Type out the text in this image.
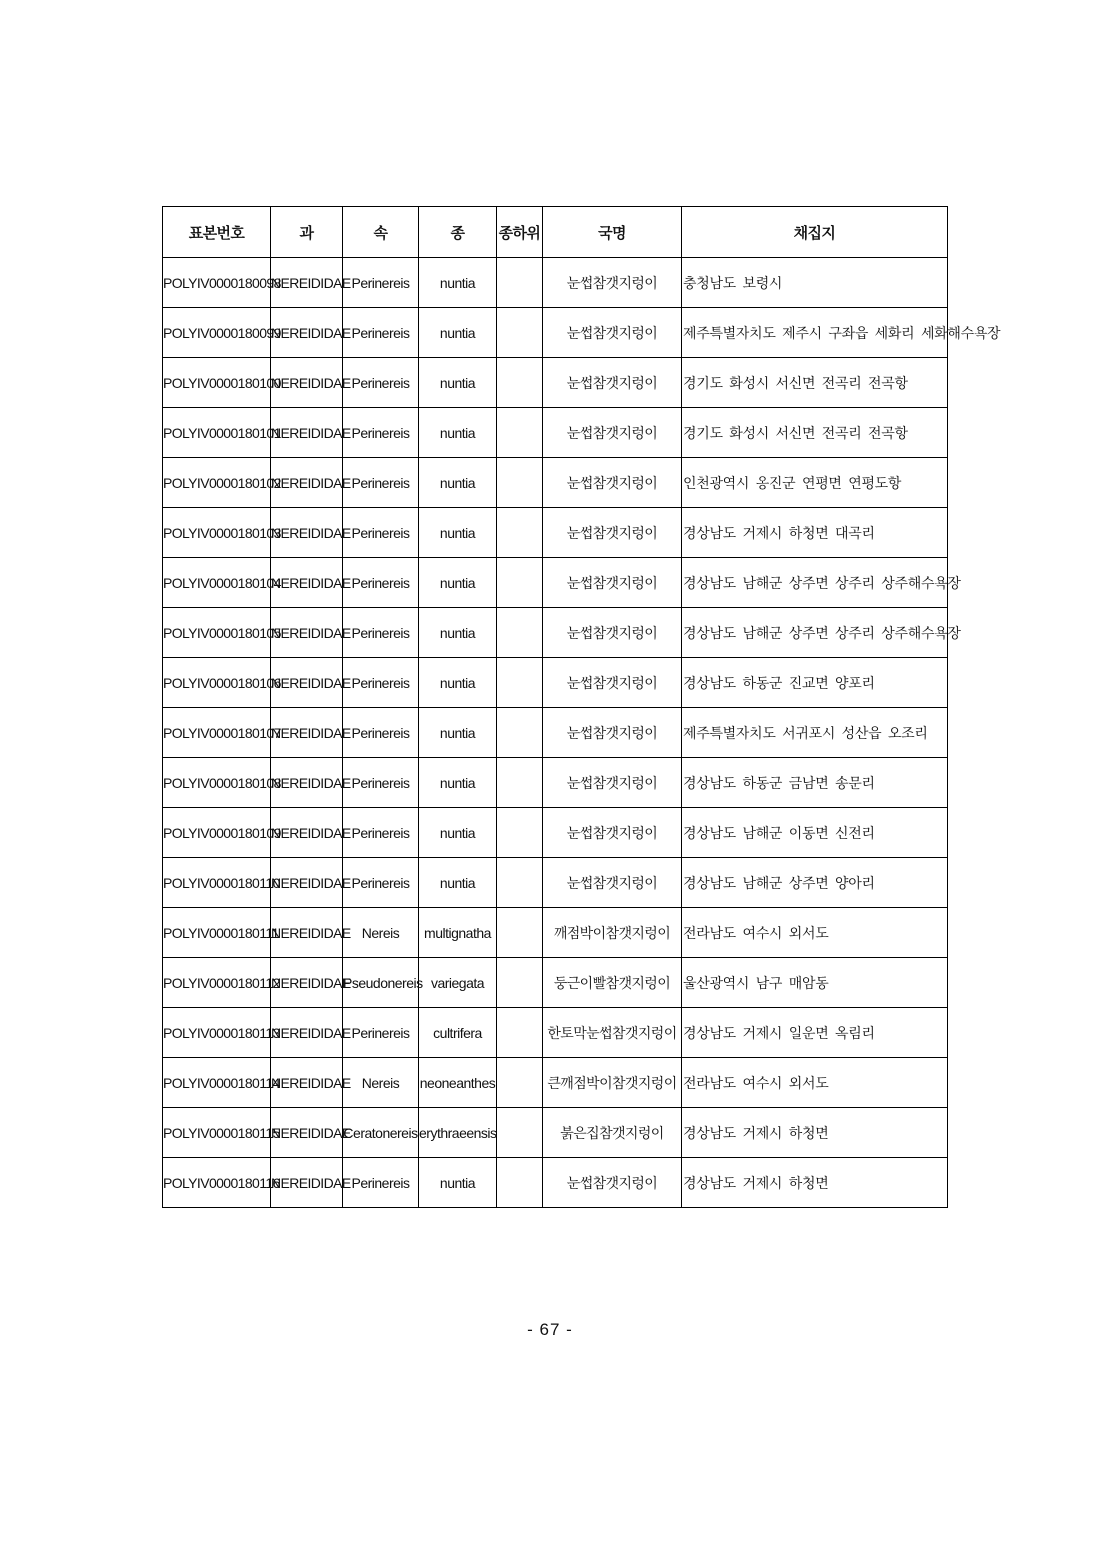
표본번호	과	속	종	종하위	국명	채집지
POLYIV0000180098	NEREIDIDAE	Perinereis	nuntia		눈썹참갯지렁이	충청남도 보령시
POLYIV0000180099	NEREIDIDAE	Perinereis	nuntia		눈썹참갯지렁이	제주특별자치도 제주시 구좌읍 세화리 세화해수욕장
POLYIV0000180100	NEREIDIDAE	Perinereis	nuntia		눈썹참갯지렁이	경기도 화성시 서신면 전곡리 전곡항
POLYIV0000180101	NEREIDIDAE	Perinereis	nuntia		눈썹참갯지렁이	경기도 화성시 서신면 전곡리 전곡항
POLYIV0000180102	NEREIDIDAE	Perinereis	nuntia		눈썹참갯지렁이	인천광역시 옹진군 연평면 연평도항
POLYIV0000180103	NEREIDIDAE	Perinereis	nuntia		눈썹참갯지렁이	경상남도 거제시 하청면 대곡리
POLYIV0000180104	NEREIDIDAE	Perinereis	nuntia		눈썹참갯지렁이	경상남도 남해군 상주면 상주리 상주해수욕장
POLYIV0000180105	NEREIDIDAE	Perinereis	nuntia		눈썹참갯지렁이	경상남도 남해군 상주면 상주리 상주해수욕장
POLYIV0000180106	NEREIDIDAE	Perinereis	nuntia		눈썹참갯지렁이	경상남도 하동군 진교면 양포리
POLYIV0000180107	NEREIDIDAE	Perinereis	nuntia		눈썹참갯지렁이	제주특별자치도 서귀포시 성산읍 오조리
POLYIV0000180108	NEREIDIDAE	Perinereis	nuntia		눈썹참갯지렁이	경상남도 하동군 금남면 송문리
POLYIV0000180109	NEREIDIDAE	Perinereis	nuntia		눈썹참갯지렁이	경상남도 남해군 이동면 신전리
POLYIV0000180110	NEREIDIDAE	Perinereis	nuntia		눈썹참갯지렁이	경상남도 남해군 상주면 양아리
POLYIV0000180111	NEREIDIDAE	Nereis	multignatha		깨점박이참갯지렁이	전라남도 여수시 외서도
POLYIV0000180112	NEREIDIDAE	Pseudonereis	variegata		둥근이빨참갯지렁이	울산광역시 남구 매암동
POLYIV0000180113	NEREIDIDAE	Perinereis	cultrifera		한토막눈썹참갯지렁이	경상남도 거제시 일운면 옥림리
POLYIV0000180114	NEREIDIDAE	Nereis	neoneanthes		큰깨점박이참갯지렁이	전라남도 여수시 외서도
POLYIV0000180115	NEREIDIDAE	Ceratonereis	erythraeensis		붉은집참갯지렁이	경상남도 거제시 하청면
POLYIV0000180116	NEREIDIDAE	Perinereis	nuntia		눈썹참갯지렁이	경상남도 거제시 하청면
- 67 -
